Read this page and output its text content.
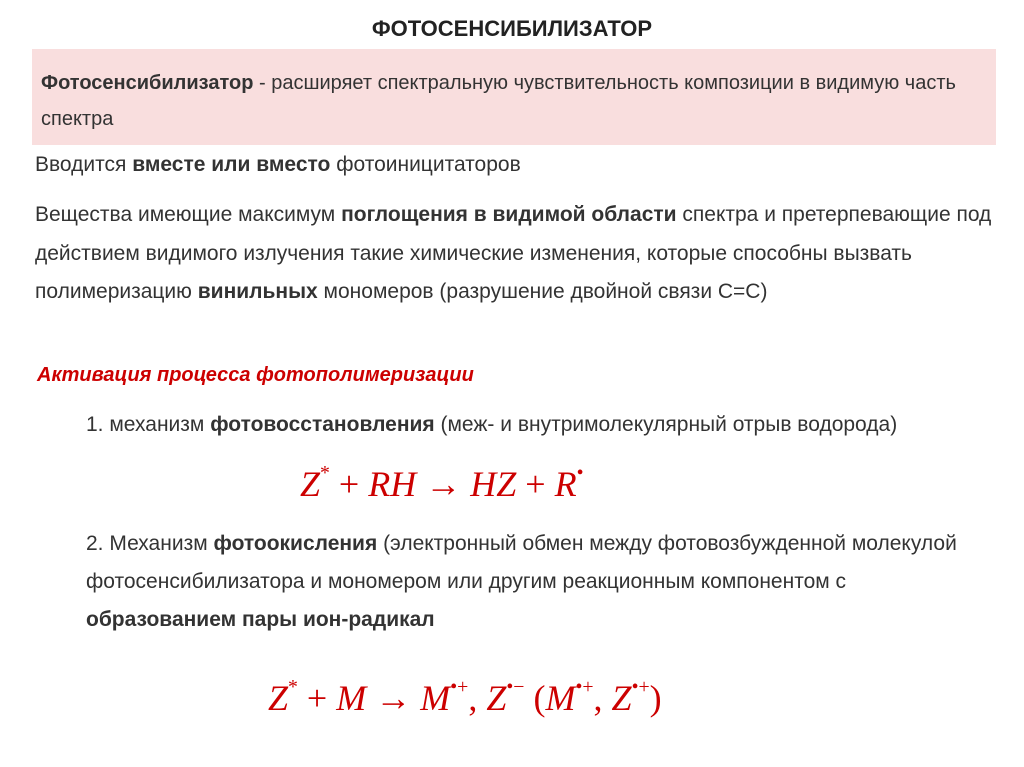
ФОТОСЕНСИБИЛИЗАТОР
Фотосенсибилизатор - расширяет спектральную чувствительность композиции в видимую часть спектра
Вводится вместе или вместо фотоиницитаторов
Вещества имеющие максимум поглощения в видимой области спектра и претерпевающие под действием видимого излучения такие химические изменения, которые способны вызвать полимеризацию винильных мономеров (разрушение двойной связи С=С)
Активация процесса фотополимеризации
1. механизм фотовосстановления (меж- и внутримолекулярный отрыв водорода)
Z* + RH → HZ + R•
2. Механизм фотоокисления (электронный обмен между фотовозбужденной молекулой фотосенсибилизатора и мономером или другим реакционным компонентом с образованием пары ион-радикал
Z* + M → M•+, Z•− (M•+, Z•+)
